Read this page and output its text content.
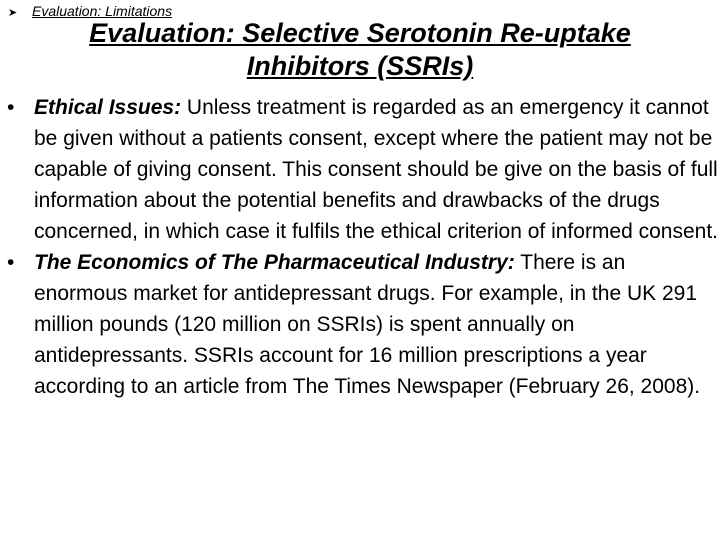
➤ Evaluation: Limitations
Evaluation: Selective Serotonin Re-uptake Inhibitors (SSRIs)
• Ethical Issues: Unless treatment is regarded as an emergency it cannot be given without a patients consent, except where the patient may not be capable of giving consent. This consent should be give on the basis of full information about the potential benefits and drawbacks of the drugs concerned, in which case it fulfils the ethical criterion of informed consent.
• The Economics of The Pharmaceutical Industry: There is an enormous market for antidepressant drugs. For example, in the UK 291 million pounds (120 million on SSRIs) is spent annually on antidepressants. SSRIs account for 16 million prescriptions a year according to an article from The Times Newspaper (February 26, 2008).
